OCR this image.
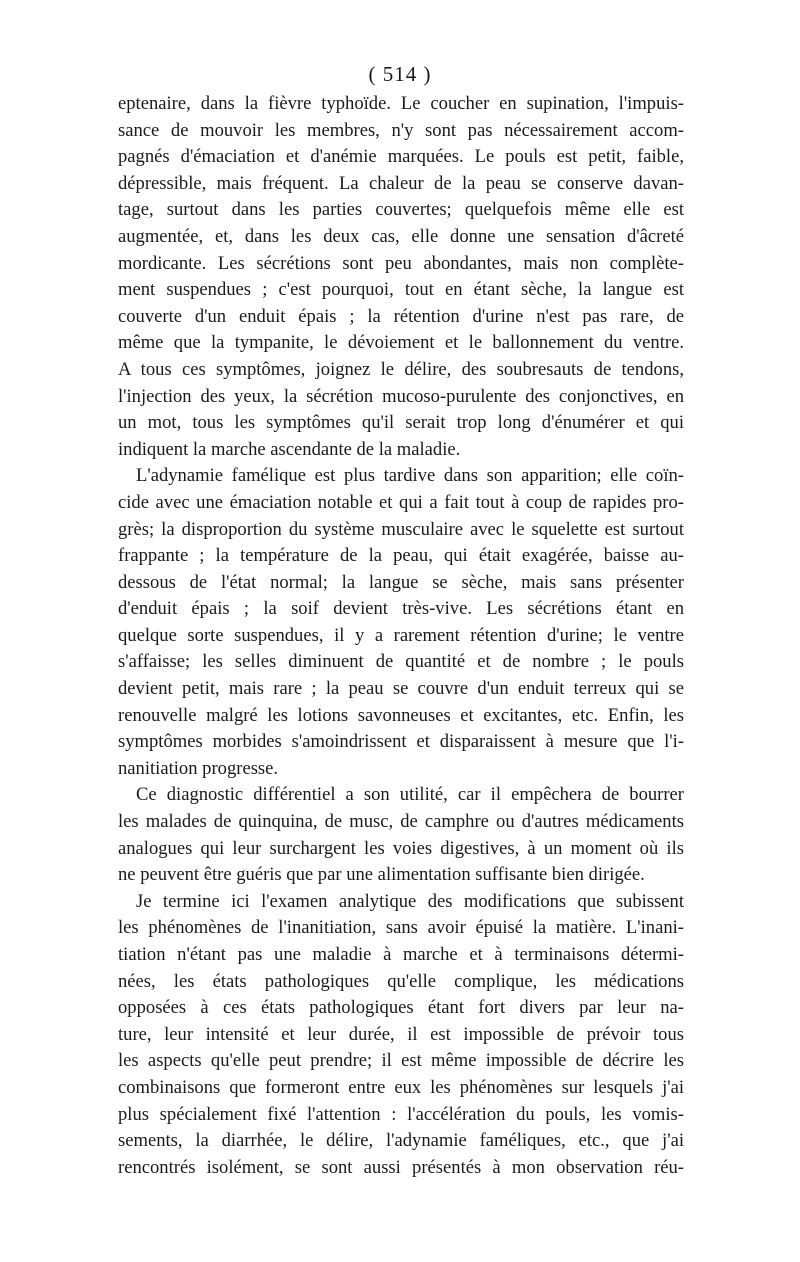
( 514 )
eptenaire, dans la fièvre typhoïde. Le coucher en supination, l'impuis-
sance de mouvoir les membres, n'y sont pas nécessairement accom-
pagnés d'émaciation et d'anémie marquées. Le pouls est petit, faible,
dépressible, mais fréquent. La chaleur de la peau se conserve davan-
tage, surtout dans les parties couvertes; quelquefois même elle est
augmentée, et, dans les deux cas, elle donne une sensation d'âcreté
mordicante. Les sécrétions sont peu abondantes, mais non complète-
ment suspendues ; c'est pourquoi, tout en étant sèche, la langue est
couverte d'un enduit épais ; la rétention d'urine n'est pas rare, de
même que la tympanite, le dévoiement et le ballonnement du ventre.
A tous ces symptômes, joignez le délire, des soubresauts de tendons,
l'injection des yeux, la sécrétion mucoso-purulente des conjonctives, en
un mot, tous les symptômes qu'il serait trop long d'énumérer et qui
indiquent la marche ascendante de la maladie.
L'adynamie famélique est plus tardive dans son apparition; elle coïn-
cide avec une émaciation notable et qui a fait tout à coup de rapides pro-
grès; la disproportion du système musculaire avec le squelette est surtout
frappante ; la température de la peau, qui était exagérée, baisse au-
dessous de l'état normal; la langue se sèche, mais sans présenter
d'enduit épais ; la soif devient très-vive. Les sécrétions étant en
quelque sorte suspendues, il y a rarement rétention d'urine; le ventre
s'affaisse; les selles diminuent de quantité et de nombre ; le pouls
devient petit, mais rare ; la peau se couvre d'un enduit terreux qui se
renouvelle malgré les lotions savonneuses et excitantes, etc. Enfin, les
symptômes morbides s'amoindrissent et disparaissent à mesure que l'i-
nanitiation progresse.
Ce diagnostic différentiel a son utilité, car il empêchera de bourrer
les malades de quinquina, de musc, de camphre ou d'autres médicaments
analogues qui leur surchargent les voies digestives, à un moment où ils
ne peuvent être guéris que par une alimentation suffisante bien dirigée.
Je termine ici l'examen analytique des modifications que subissent
les phénomènes de l'inanitiation, sans avoir épuisé la matière. L'inani-
tiation n'étant pas une maladie à marche et à terminaisons détermi-
nées, les états pathologiques qu'elle complique, les médications
opposées à ces états pathologiques étant fort divers par leur na-
ture, leur intensité et leur durée, il est impossible de prévoir tous
les aspects qu'elle peut prendre; il est même impossible de décrire les
combinaisons que formeront entre eux les phénomènes sur lesquels j'ai
plus spécialement fixé l'attention : l'accélération du pouls, les vomis-
sements, la diarrhée, le délire, l'adynamie faméliques, etc., que j'ai
rencontrés isolément, se sont aussi présentés à mon observation réu-
